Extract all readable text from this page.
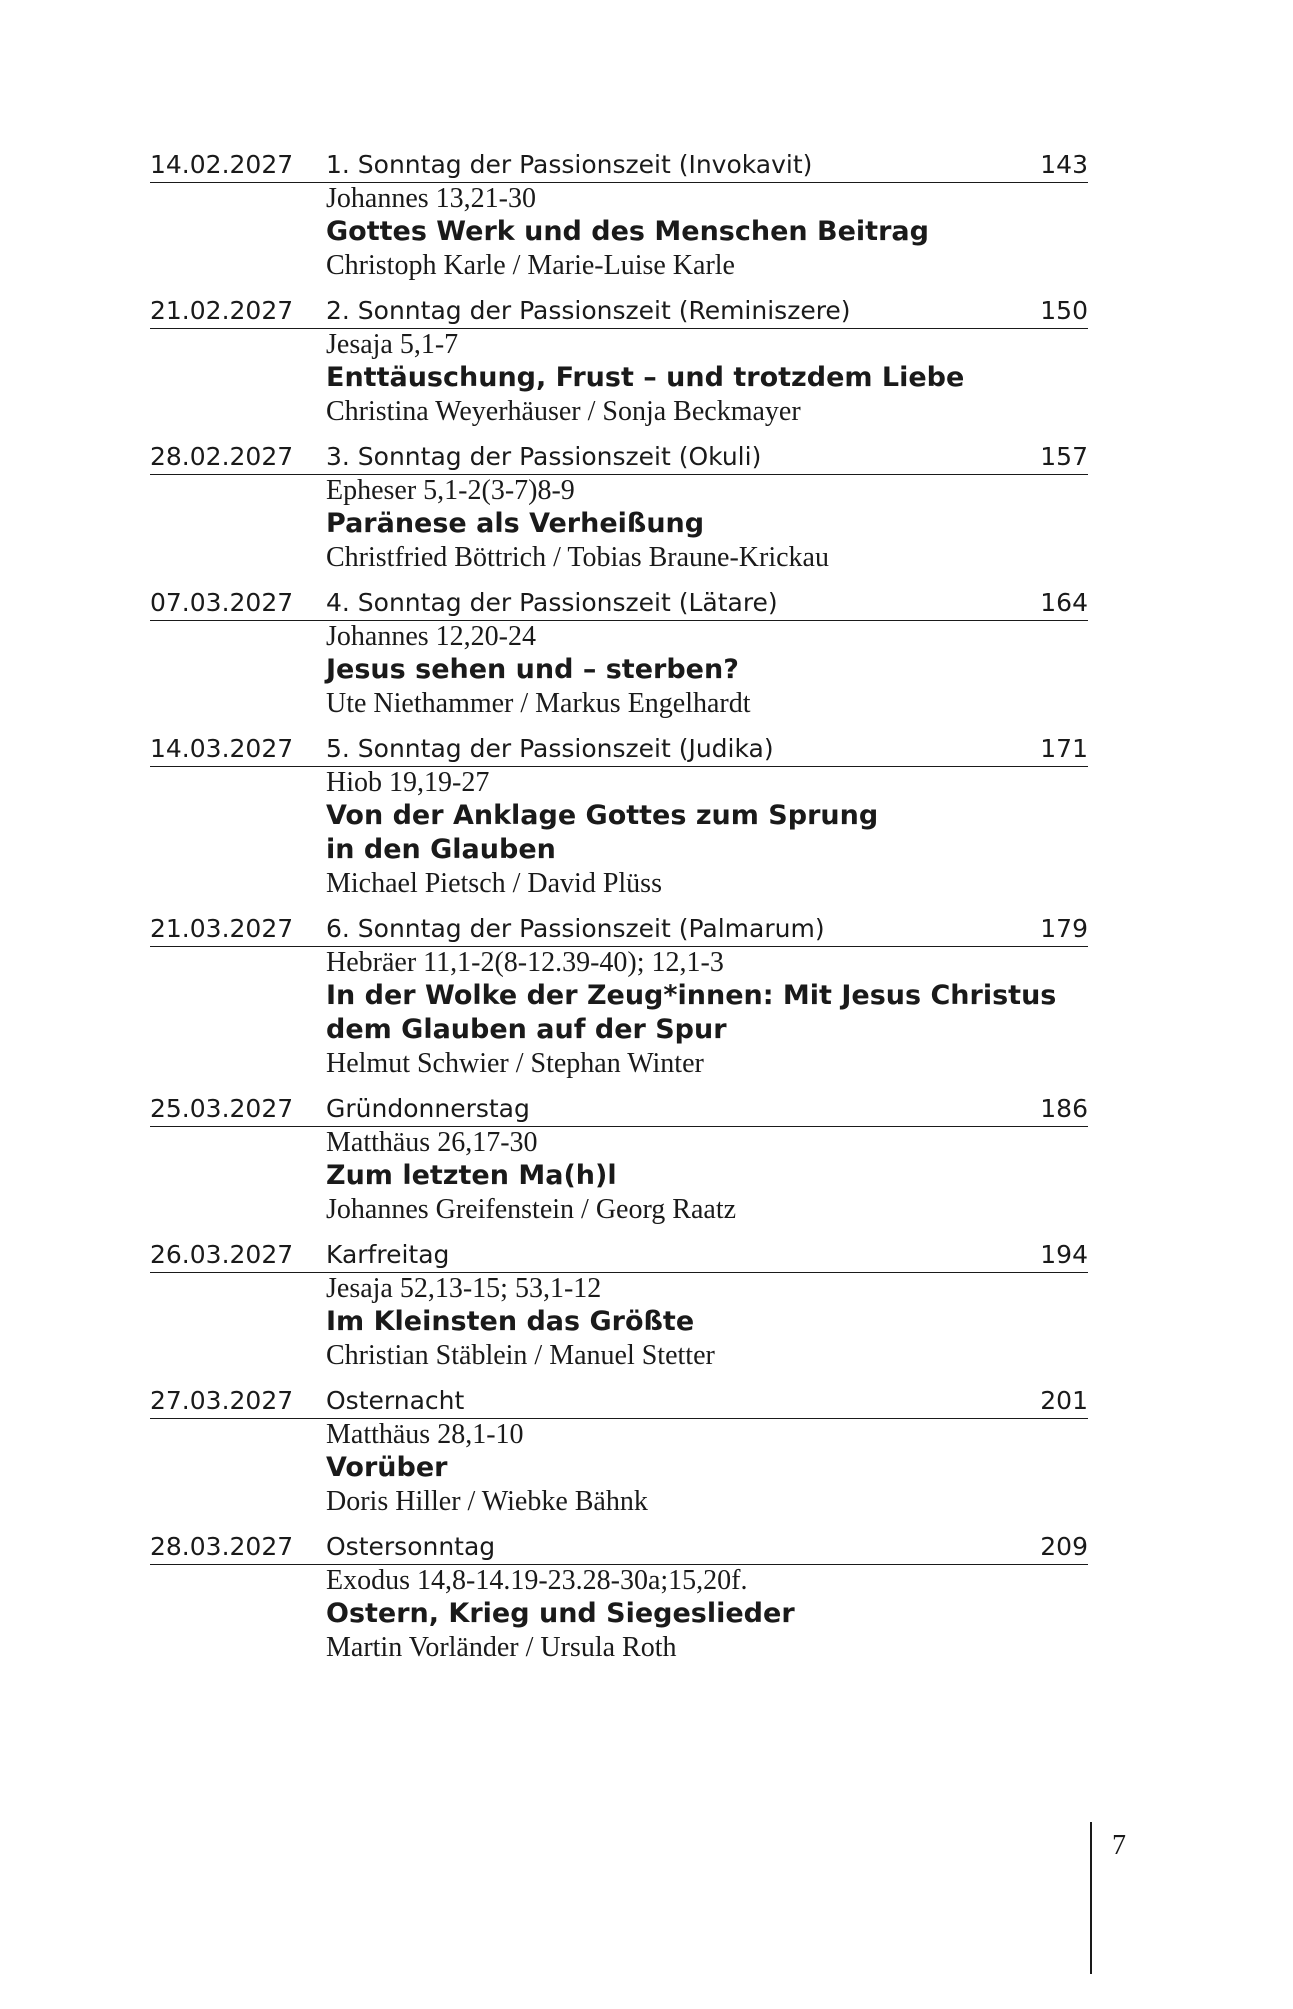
14.02.2027	1. Sonntag der Passionszeit (Invokavit)	143
Johannes 13,21-30
Gottes Werk und des Menschen Beitrag
Christoph Karle / Marie-Luise Karle
21.02.2027	2. Sonntag der Passionszeit (Reminiszere)	150
Jesaja 5,1-7
Enttäuschung, Frust – und trotzdem Liebe
Christina Weyerhäuser / Sonja Beckmayer
28.02.2027	3. Sonntag der Passionszeit (Okuli)	157
Epheser 5,1-2(3-7)8-9
Paränese als Verheißung
Christfried Böttrich / Tobias Braune-Krickau
07.03.2027	4. Sonntag der Passionszeit (Lätare)	164
Johannes 12,20-24
Jesus sehen und – sterben?
Ute Niethammer / Markus Engelhardt
14.03.2027	5. Sonntag der Passionszeit (Judika)	171
Hiob 19,19-27
Von der Anklage Gottes zum Sprung
in den Glauben
Michael Pietsch / David Plüss
21.03.2027	6. Sonntag der Passionszeit (Palmarum)	179
Hebräer 11,1-2(8-12.39-40); 12,1-3
In der Wolke der Zeug*innen: Mit Jesus Christus
dem Glauben auf der Spur
Helmut Schwier / Stephan Winter
25.03.2027	Gründonnerstag	186
Matthäus 26,17-30
Zum letzten Ma(h)l
Johannes Greifenstein / Georg Raatz
26.03.2027	Karfreitag	194
Jesaja 52,13-15; 53,1-12
Im Kleinsten das Größte
Christian Stäblein / Manuel Stetter
27.03.2027	Osternacht	201
Matthäus 28,1-10
Vorüber
Doris Hiller / Wiebke Bähnk
28.03.2027	Ostersonntag	209
Exodus 14,8-14.19-23.28-30a;15,20f.
Ostern, Krieg und Siegeslieder
Martin Vorländer / Ursula Roth
7
